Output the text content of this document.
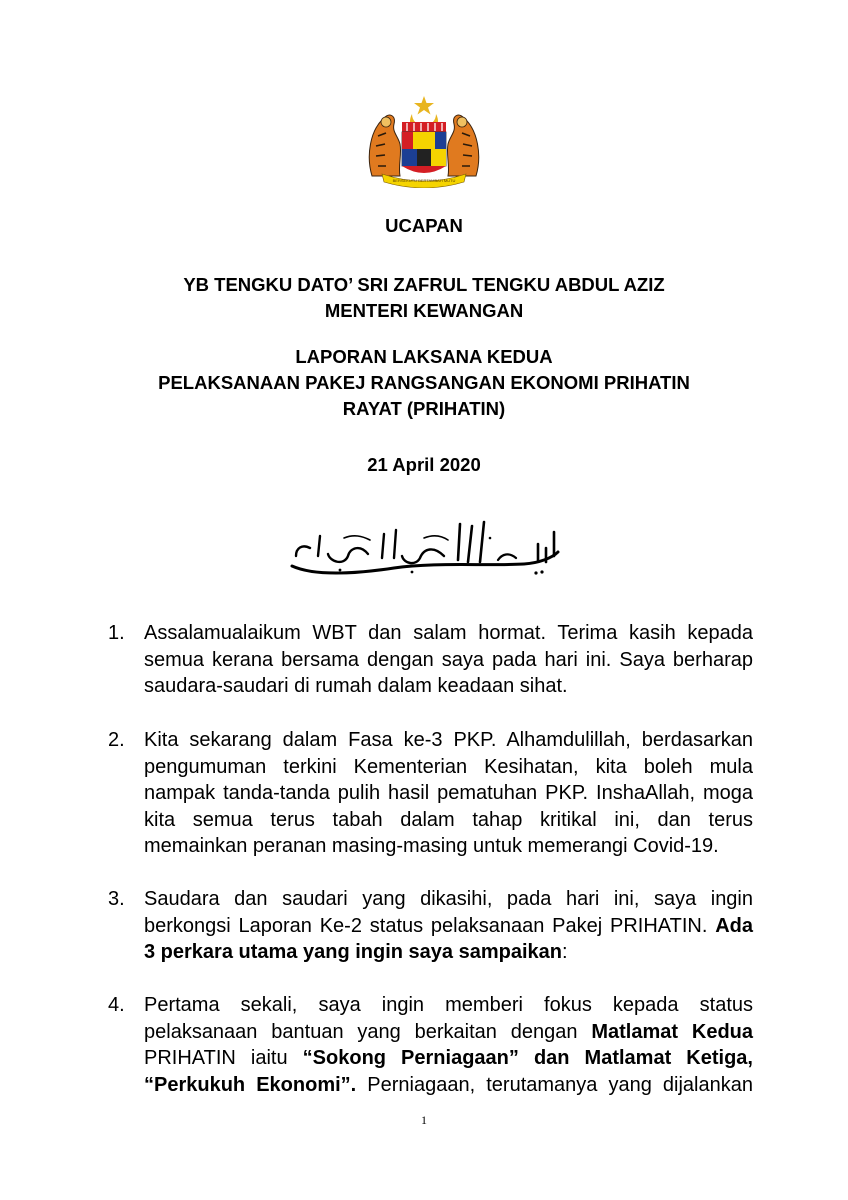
BERSEKUTU BERTAMBAH MUTU
UCAPAN
YB TENGKU DATO’ SRI ZAFRUL TENGKU ABDUL AZIZ
MENTERI KEWANGAN
LAPORAN LAKSANA KEDUA
PELAKSANAAN PAKEJ RANGSANGAN EKONOMI PRIHATIN
RAYAT (PRIHATIN)
21 April 2020
1. Assalamualaikum WBT dan salam hormat. Terima kasih kepada semua kerana bersama dengan saya pada hari ini. Saya berharap saudara-saudari di rumah dalam keadaan sihat.
2. Kita sekarang dalam Fasa ke-3 PKP. Alhamdulillah, berdasarkan pengumuman terkini Kementerian Kesihatan, kita boleh mula nampak tanda-tanda pulih hasil pematuhan PKP. InshaAllah, moga kita semua terus tabah dalam tahap kritikal ini, dan terus memainkan peranan masing-masing untuk memerangi Covid-19.
3. Saudara dan saudari yang dikasihi, pada hari ini, saya ingin berkongsi Laporan Ke-2 status pelaksanaan Pakej PRIHATIN. Ada 3 perkara utama yang ingin saya sampaikan:
4. Pertama sekali, saya ingin memberi fokus kepada status pelaksanaan bantuan yang berkaitan dengan Matlamat Kedua PRIHATIN iaitu “Sokong Perniagaan” dan Matlamat Ketiga, “Perkukuh Ekonomi”. Perniagaan, terutamanya yang dijalankan
1
